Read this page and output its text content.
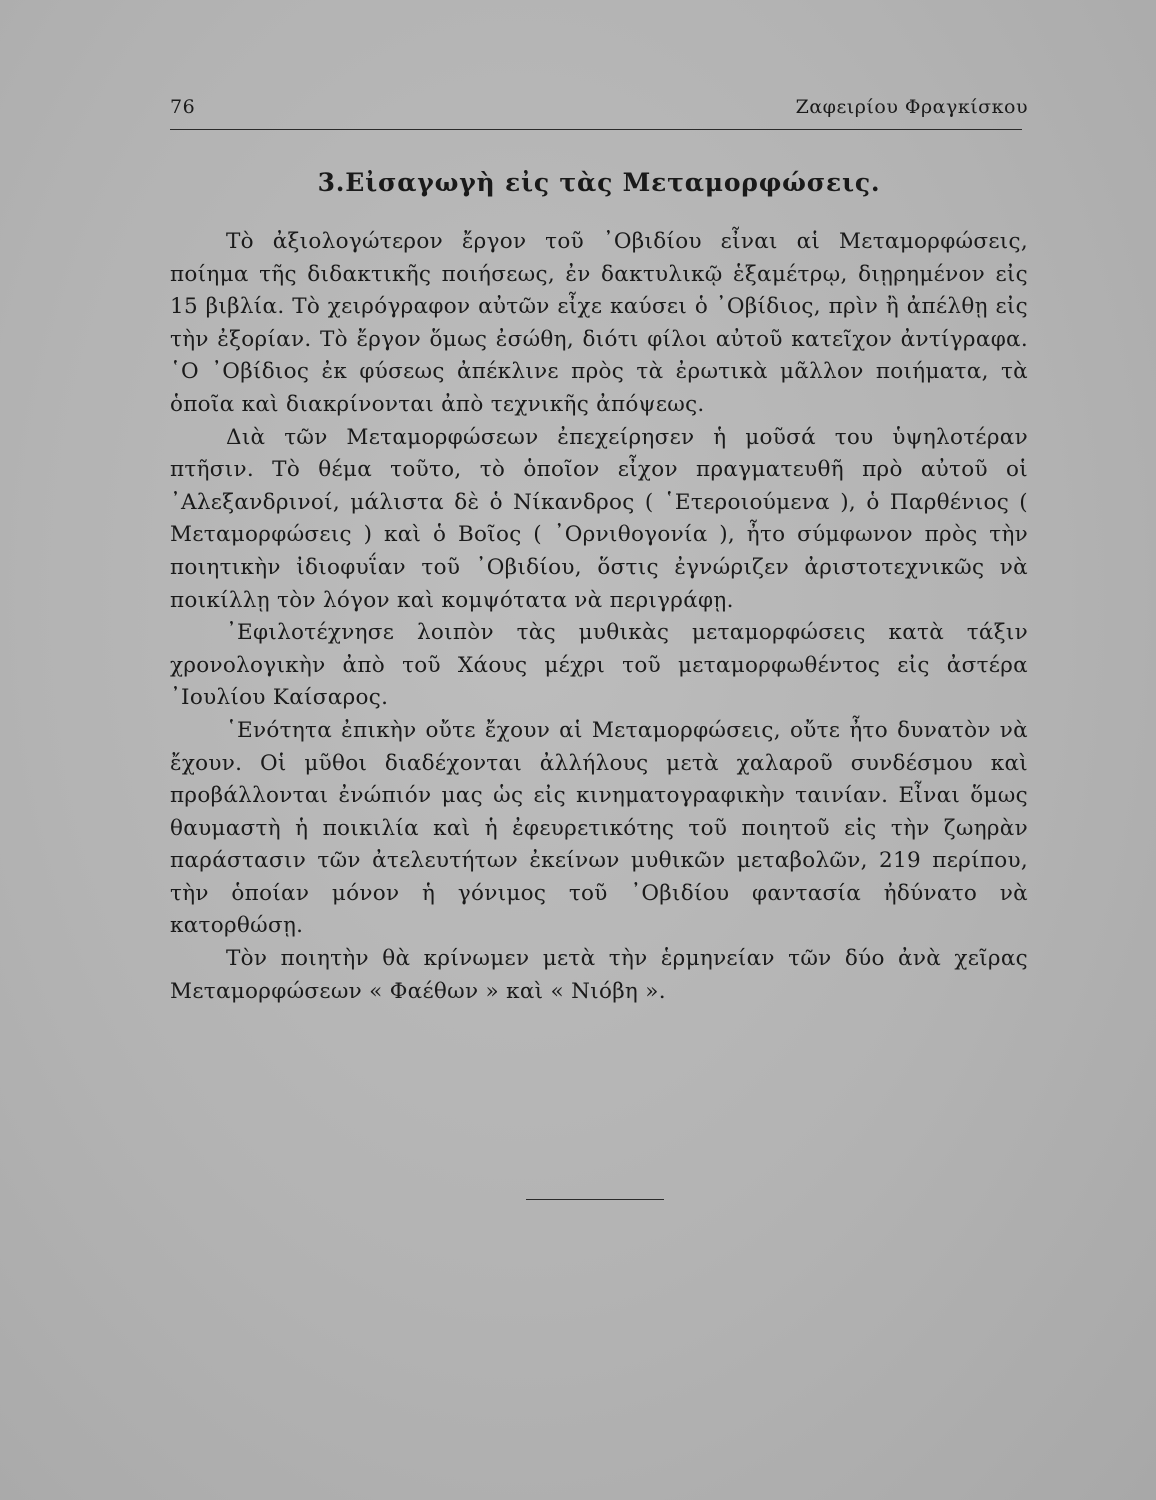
76	Ζαφειρίου Φραγκίσκου
3.Εἰσαγωγὴ εἰς τὰς Μεταμορφώσεις.

Τὸ ἀξιολογώτερον ἔργον τοῦ ᾽Οβιδίου εἶναι αἱ Μεταμορφώσεις, ποίημα τῆς διδακτικῆς ποιήσεως, ἐν δακτυλικῷ ἑξαμέτρῳ, διῃρημένον εἰς 15 βιβλία. Τὸ χειρόγραφον αὐτῶν εἶχε καύσει ὁ ᾽Οβίδιος, πρὶν ἢ ἀπέλθῃ εἰς τὴν ἐξορίαν. Τὸ ἔργον ὅμως ἐσώθη, διότι φίλοι αὐτοῦ κατεῖχον ἀντίγραφα. ῾Ο ᾽Οβίδιος ἐκ φύσεως ἀπέκλινε πρὸς τὰ ἐρωτικὰ μᾶλλον ποιήματα, τὰ ὁποῖα καὶ διακρίνονται ἀπὸ τεχνικῆς ἀπόψεως.

Διὰ τῶν Μεταμορφώσεων ἐπεχείρησεν ἡ μοῦσά του ὑψηλοτέραν πτῆσιν. Τὸ θέμα τοῦτο, τὸ ὁποῖον εἶχον πραγματευθῆ πρὸ αὐτοῦ οἱ ᾽Αλεξανδρινοί, μάλιστα δὲ ὁ Νίκανδρος ( ῾Ετεροιούμενα ), ὁ Παρθένιος ( Μεταμορφώσεις ) καὶ ὁ Βοῖος ( ᾽Ορνιθογονία ), ἦτο σύμφωνον πρὸς τὴν ποιητικὴν ἰδιοφυΐαν τοῦ ᾽Οβιδίου, ὅστις ἐγνώριζεν ἀριστοτεχνικῶς νὰ ποικίλλῃ τὸν λόγον καὶ κομψότατα νὰ περιγράφῃ.

᾽Εφιλοτέχνησε λοιπὸν τὰς μυθικὰς μεταμορφώσεις κατὰ τάξιν χρονολογικὴν ἀπὸ τοῦ Χάους μέχρι τοῦ μεταμορφωθέντος εἰς ἀστέρα ᾽Ιουλίου Καίσαρος.

῾Ενότητα ἐπικὴν οὔτε ἔχουν αἱ Μεταμορφώσεις, οὔτε ἦτο δυνατὸν νὰ ἔχουν. Οἱ μῦθοι διαδέχονται ἀλλήλους μετὰ χαλαροῦ συνδέσμου καὶ προβάλλονται ἐνώπιόν μας ὡς εἰς κινηματογραφικὴν ταινίαν. Εἶναι ὅμως θαυμαστὴ ἡ ποικιλία καὶ ἡ ἐφευρετικότης τοῦ ποιητοῦ εἰς τὴν ζωηρὰν παράστασιν τῶν ἀτελευτήτων ἐκείνων μυθικῶν μεταβολῶν, 219 περίπου, τὴν ὁποίαν μόνον ἡ γόνιμος τοῦ ᾽Οβιδίου φαντασία ἠδύνατο νὰ κατορθώσῃ.

Τὸν ποιητὴν θὰ κρίνωμεν μετὰ τὴν ἑρμηνείαν τῶν δύο ἀνὰ χεῖρας Μεταμορφώσεων « Φαέθων » καὶ « Νιόβη ».
